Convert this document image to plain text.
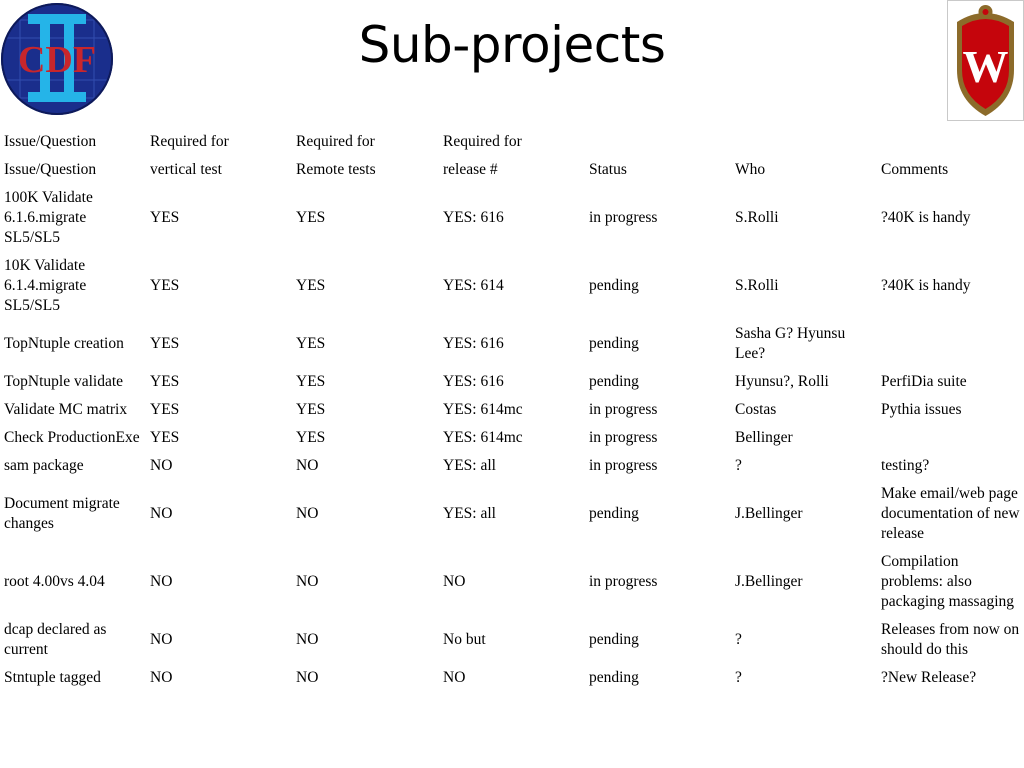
Sub-projects
CDF	W
Issue/Question	Required for	Required for	Required for			
Issue/Question	vertical test	Remote tests	release #	Status	Who	Comments
100K Validate 6.1.6.migrate SL5/SL5	YES	YES	YES: 616	in progress	S.Rolli	?40K is handy
10K Validate 6.1.4.migrate SL5/SL5	YES	YES	YES: 614	pending	S.Rolli	?40K is handy
TopNtuple creation	YES	YES	YES: 616	pending	Sasha G? Hyunsu Lee?	
TopNtuple validate	YES	YES	YES: 616	pending	Hyunsu?, Rolli	PerfiDia suite
Validate MC matrix	YES	YES	YES: 614mc	in progress	Costas	Pythia issues
Check ProductionExe	YES	YES	YES: 614mc	in progress	Bellinger	
sam package	NO	NO	YES: all	in progress	?	testing?
Document migrate changes	NO	NO	YES: all	pending	J.Bellinger	Make email/web page documentation of new release
root 4.00vs 4.04	NO	NO	NO	in progress	J.Bellinger	Compilation problems: also packaging massaging
dcap declared as current	NO	NO	No but	pending	?	Releases from now on should do this
Stntuple tagged	NO	NO	NO	pending	?	?New Release?
